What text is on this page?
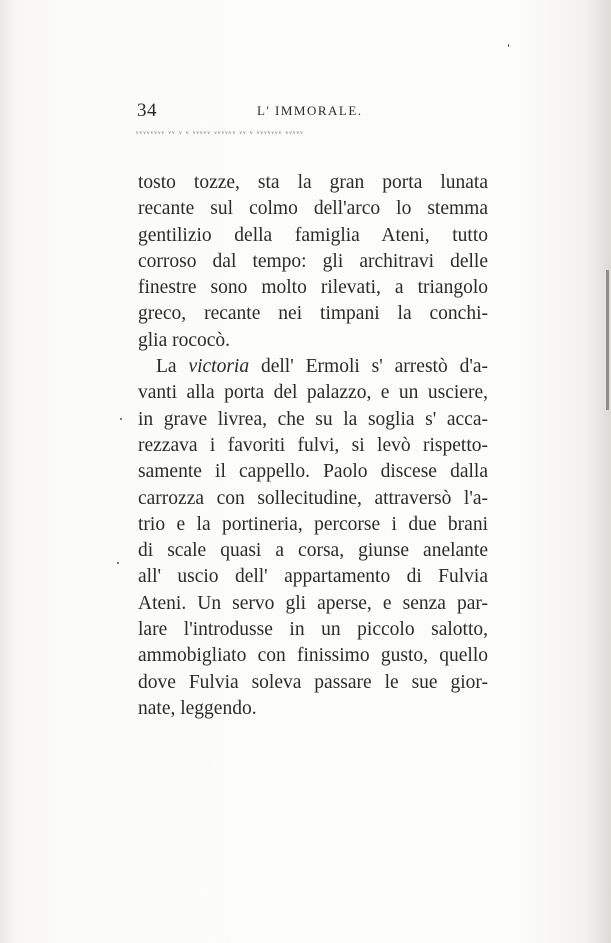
34	L' IMMORALE.
ᵥᵥᵥᵥᵥᵥᵥᵥ ᵥᵥ ᵥ ᵥ ᵥᵥᵥᵥᵥ ᵥᵥᵥᵥᵥᵥ ᵥᵥ ᵥ ᵥᵥᵥᵥᵥᵥᵥ ᵥᵥᵥᵥᵥ
tosto tozze, sta la gran porta lunata
recante sul colmo dell'arco lo stemma
gentilizio della famiglia Ateni, tutto
corroso dal tempo: gli architravi delle
finestre sono molto rilevati, a triangolo
greco, recante nei timpani la conchi-
glia rococò.
La victoria dell' Ermoli s' arrestò d'a-
vanti alla porta del palazzo, e un usciere,
in grave livrea, che su la soglia s' acca-
rezzava i favoriti fulvi, si levò rispetto-
samente il cappello. Paolo discese dalla
carrozza con sollecitudine, attraversò l'a-
trio e la portineria, percorse i due brani
di scale quasi a corsa, giunse anelante
all' uscio dell' appartamento di Fulvia
Ateni. Un servo gli aperse, e senza par-
lare l'introdusse in un piccolo salotto,
ammobigliato con finissimo gusto, quello
dove Fulvia soleva passare le sue gior-
nate, leggendo.
